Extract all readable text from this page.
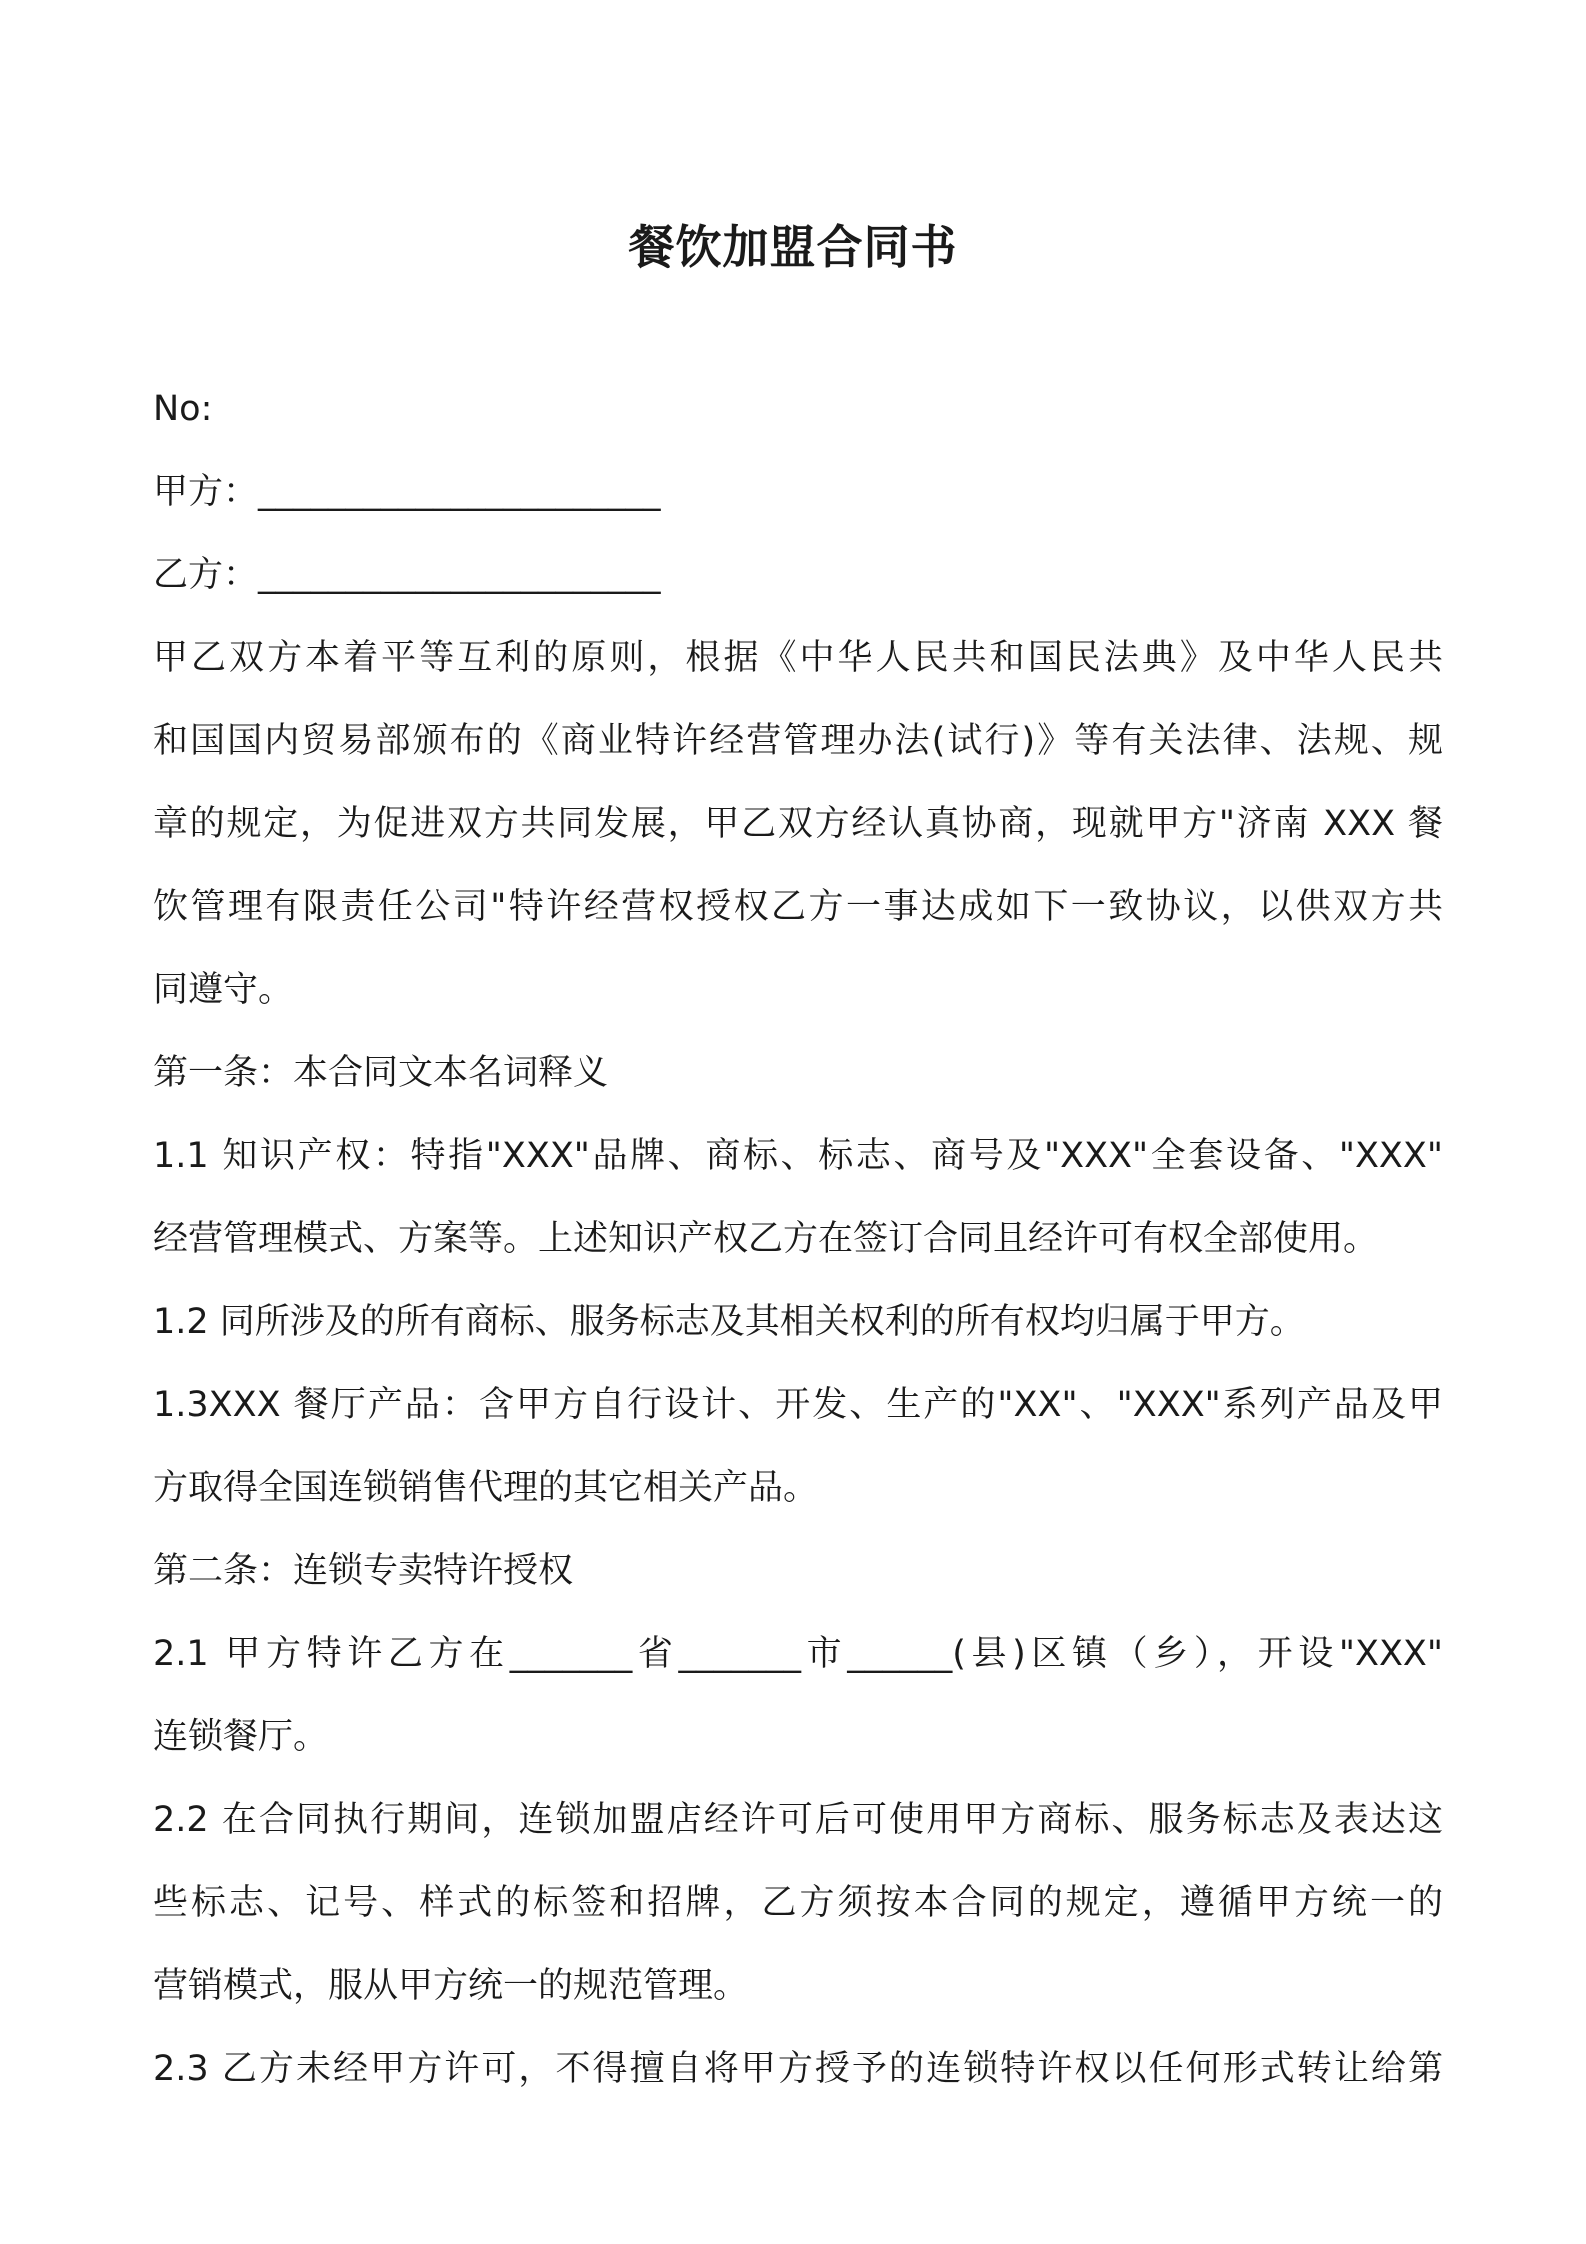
餐饮加盟合同书
No:
甲方：_______________________
乙方：_______________________
甲乙双方本着平等互利的原则，根据《中华人民共和国民法典》及中华人民共
和国国内贸易部颁布的《商业特许经营管理办法(试行)》等有关法律、法规、规
章的规定，为促进双方共同发展，甲乙双方经认真协商，现就甲方"济南 XXX 餐
饮管理有限责任公司"特许经营权授权乙方一事达成如下一致协议，以供双方共
同遵守。
第一条：本合同文本名词释义
1.1 知识产权：特指"XXX"品牌、商标、标志、商号及"XXX"全套设备、"XXX"
经营管理模式、方案等。上述知识产权乙方在签订合同且经许可有权全部使用。
1.2 同所涉及的所有商标、服务标志及其相关权利的所有权均归属于甲方。
1.3XXX 餐厅产品：含甲方自行设计、开发、生产的"XX"、"XXX"系列产品及甲
方取得全国连锁销售代理的其它相关产品。
第二条：连锁专卖特许授权
2.1 甲方特许乙方在_______省_______市______(县)区镇（乡），开设"XXX"
连锁餐厅。
2.2 在合同执行期间，连锁加盟店经许可后可使用甲方商标、服务标志及表达这
些标志、记号、样式的标签和招牌，乙方须按本合同的规定，遵循甲方统一的
营销模式，服从甲方统一的规范管理。
2.3 乙方未经甲方许可，不得擅自将甲方授予的连锁特许权以任何形式转让给第
